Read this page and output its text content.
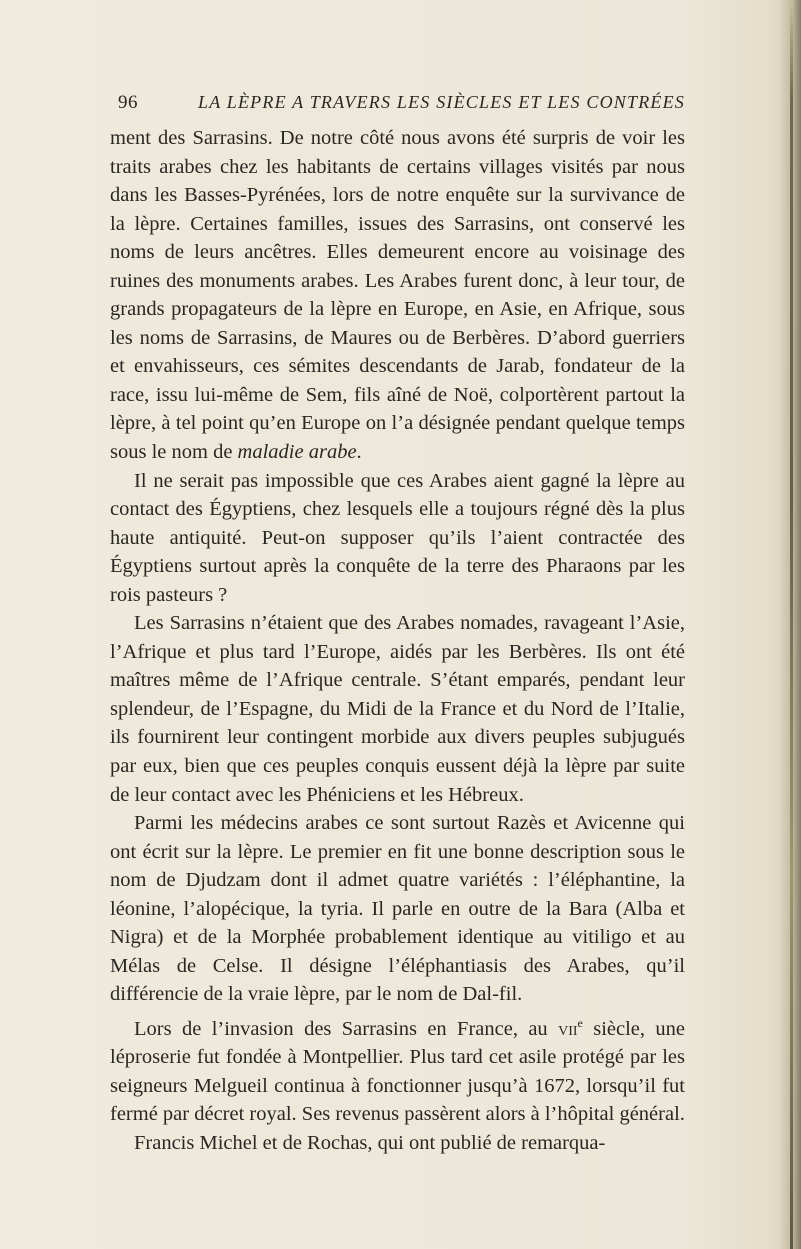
96	LA LÈPRE A TRAVERS LES SIÈCLES ET LES CONTRÉES

ment des Sarrasins. De notre côté nous avons été surpris de voir les traits arabes chez les habitants de certains villages visités par nous dans les Basses-Pyrénées, lors de notre enquête sur la survivance de la lèpre. Certaines familles, issues des Sarrasins, ont conservé les noms de leurs ancêtres. Elles demeurent encore au voisinage des ruines des monuments arabes. Les Arabes furent donc, à leur tour, de grands propagateurs de la lèpre en Europe, en Asie, en Afrique, sous les noms de Sarrasins, de Maures ou de Berbères. D’abord guerriers et envahisseurs, ces sémites descendants de Jarab, fondateur de la race, issu lui-même de Sem, fils aîné de Noë, colportèrent partout la lèpre, à tel point qu’en Europe on l’a désignée pendant quelque temps sous le nom de maladie arabe.

Il ne serait pas impossible que ces Arabes aient gagné la lèpre au contact des Égyptiens, chez lesquels elle a toujours régné dès la plus haute antiquité. Peut-on supposer qu’ils l’aient contractée des Égyptiens surtout après la conquête de la terre des Pharaons par les rois pasteurs ?

Les Sarrasins n’étaient que des Arabes nomades, ravageant l’Asie, l’Afrique et plus tard l’Europe, aidés par les Berbères. Ils ont été maîtres même de l’Afrique centrale. S’étant emparés, pendant leur splendeur, de l’Espagne, du Midi de la France et du Nord de l’Italie, ils fournirent leur contingent morbide aux divers peuples subjugués par eux, bien que ces peuples conquis eussent déjà la lèpre par suite de leur contact avec les Phéniciens et les Hébreux.

Parmi les médecins arabes ce sont surtout Razès et Avicenne qui ont écrit sur la lèpre. Le premier en fit une bonne description sous le nom de Djudzam dont il admet quatre variétés : l’éléphantine, la léonine, l’alopécique, la tyria. Il parle en outre de la Bara (Alba et Nigra) et de la Morphée probablement identique au vitiligo et au Mélas de Celse. Il désigne l’éléphantiasis des Arabes, qu’il différencie de la vraie lèpre, par le nom de Dal-fil.

Lors de l’invasion des Sarrasins en France, au vii$^e$ siècle, une léproserie fut fondée à Montpellier. Plus tard cet asile protégé par les seigneurs Melgueil continua à fonctionner jusqu’à 1672, lorsqu’il fut fermé par décret royal. Ses revenus passèrent alors à l’hôpital général.

Francis Michel et de Rochas, qui ont publié de remarqua-
